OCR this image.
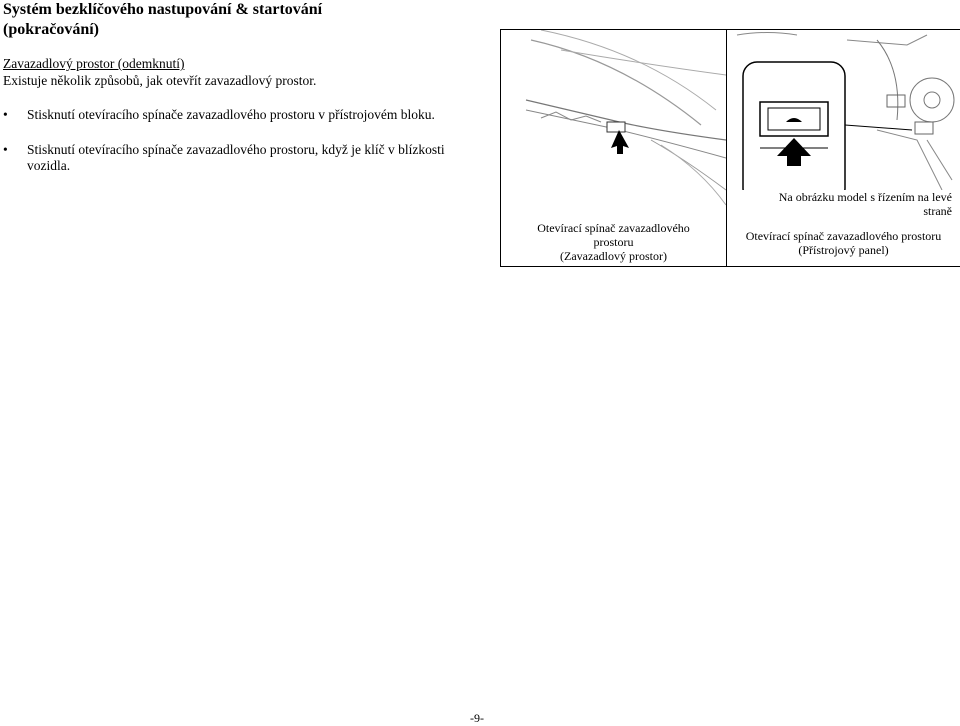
Systém bezklíčového nastupování & startování
(pokračování)
Zavazadlový prostor (odemknutí)
Existuje několik způsobů, jak otevřít zavazadlový prostor.
•	Stisknutí otevíracího spínače zavazadlového prostoru v přístrojovém bloku.
•	Stisknutí otevíracího spínače zavazadlového prostoru, když je klíč v blízkosti vozidla.
Otevírací spínač zavazadlového
prostoru
(Zavazadlový prostor)
Na obrázku model s řízením na levé straně
Otevírací spínač zavazadlového prostoru
(Přístrojový panel)
-9-
